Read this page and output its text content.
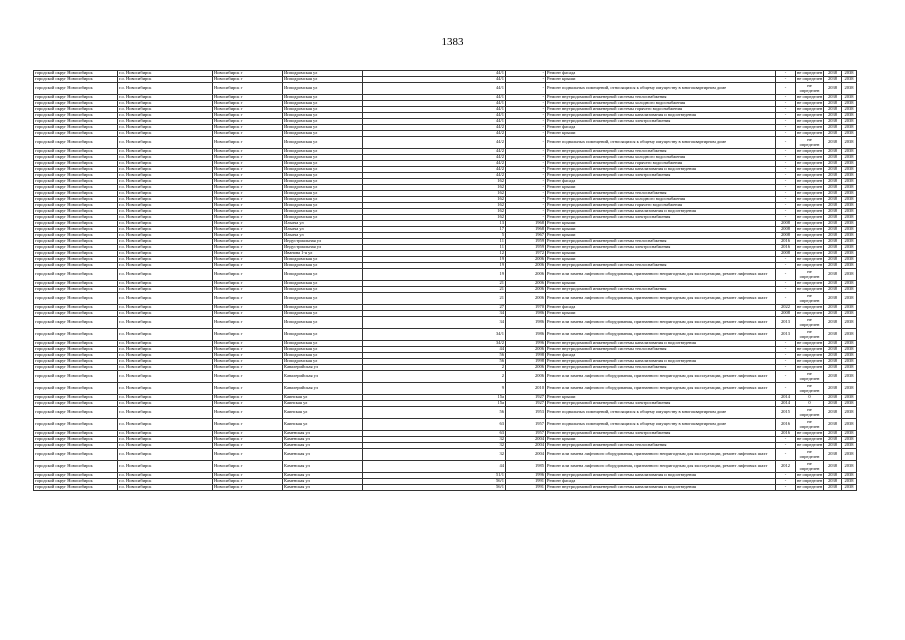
1383
городской округ Новосибирск	г.о. Новосибирск	Новосибирск г	Ипподромская ул	44/1	-	Ремонт фасада	-	не определен	2038	2038
городской округ Новосибирск	г.о. Новосибирск	Новосибирск г	Ипподромская ул	44/1	-	Ремонт крыши	-	не определен	2038	2038
городской округ Новосибирск	г.о. Новосибирск	Новосибирск г	Ипподромская ул	44/1	-	Ремонт подвальных помещений, относящихся к общему имуществу в многоквартирном доме	-	не определен	2038	2038
городской округ Новосибирск	г.о. Новосибирск	Новосибирск г	Ипподромская ул	44/1	-	Ремонт внутридомовой инженерной системы теплоснабжения	-	не определен	2038	2038
городской округ Новосибирск	г.о. Новосибирск	Новосибирск г	Ипподромская ул	44/1	-	Ремонт внутридомовой инженерной системы холодного водоснабжения	-	не определен	2038	2038
городской округ Новосибирск	г.о. Новосибирск	Новосибирск г	Ипподромская ул	44/1	-	Ремонт внутридомовой инженерной системы горячего водоснабжения	-	не определен	2038	2038
городской округ Новосибирск	г.о. Новосибирск	Новосибирск г	Ипподромская ул	44/1	-	Ремонт внутридомовой инженерной системы канализования и водоотведения	-	не определен	2038	2038
городской округ Новосибирск	г.о. Новосибирск	Новосибирск г	Ипподромская ул	44/1	-	Ремонт внутридомовой инженерной системы электроснабжения	-	не определен	2038	2038
городской округ Новосибирск	г.о. Новосибирск	Новосибирск г	Ипподромская ул	44/2	-	Ремонт фасада	-	не определен	2038	2038
городской округ Новосибирск	г.о. Новосибирск	Новосибирск г	Ипподромская ул	44/2	-	Ремонт крыши	-	не определен	2038	2038
городской округ Новосибирск	г.о. Новосибирск	Новосибирск г	Ипподромская ул	44/2	-	Ремонт подвальных помещений, относящихся к общему имуществу в многоквартирном доме	-	не определен	2038	2038
городской округ Новосибирск	г.о. Новосибирск	Новосибирск г	Ипподромская ул	44/2	-	Ремонт внутридомовой инженерной системы теплоснабжения	-	не определен	2038	2038
городской округ Новосибирск	г.о. Новосибирск	Новосибирск г	Ипподромская ул	44/2	-	Ремонт внутридомовой инженерной системы холодного водоснабжения	-	не определен	2038	2038
городской округ Новосибирск	г.о. Новосибирск	Новосибирск г	Ипподромская ул	44/2	-	Ремонт внутридомовой инженерной системы горячего водоснабжения	-	не определен	2038	2038
городской округ Новосибирск	г.о. Новосибирск	Новосибирск г	Ипподромская ул	44/2	-	Ремонт внутридомовой инженерной системы канализования и водоотведения	-	не определен	2038	2038
городской округ Новосибирск	г.о. Новосибирск	Новосибирск г	Ипподромская ул	44/2	-	Ремонт внутридомовой инженерной системы электроснабжения	-	не определен	2038	2038
городской округ Новосибирск	г.о. Новосибирск	Новосибирск г	Ипподромская ул	162	-	Ремонт фасада	-	не определен	2038	2038
городской округ Новосибирск	г.о. Новосибирск	Новосибирск г	Ипподромская ул	162	-	Ремонт крыши	-	не определен	2038	2038
городской округ Новосибирск	г.о. Новосибирск	Новосибирск г	Ипподромская ул	162	-	Ремонт внутридомовой инженерной системы теплоснабжения	-	не определен	2038	2038
городской округ Новосибирск	г.о. Новосибирск	Новосибирск г	Ипподромская ул	162	-	Ремонт внутридомовой инженерной системы холодного водоснабжения	-	не определен	2038	2038
городской округ Новосибирск	г.о. Новосибирск	Новосибирск г	Ипподромская ул	162	-	Ремонт внутридомовой инженерной системы горячего водоснабжения	-	не определен	2038	2038
городской округ Новосибирск	г.о. Новосибирск	Новосибирск г	Ипподромская ул	162	-	Ремонт внутридомовой инженерной системы канализования и водоотведения	-	не определен	2038	2038
городской округ Новосибирск	г.о. Новосибирск	Новосибирск г	Ипподромская ул	162	-	Ремонт внутридомовой инженерной системы электроснабжения	-	не определен	2038	2038
городской округ Новосибирск	г.о. Новосибирск	Новосибирск г	Ильича ул	13	1968	Ремонт крыши	2008	не определен	2038	2038
городской округ Новосибирск	г.о. Новосибирск	Новосибирск г	Ильича ул	17	1968	Ремонт крыши	2008	не определен	2038	2038
городской округ Новосибирск	г.о. Новосибирск	Новосибирск г	Ильича ул	5	1967	Ремонт крыши	2008	не определен	2038	2038
городской округ Новосибирск	г.о. Новосибирск	Новосибирск г	Индустриальная ул	11	1959	Ремонт внутридомовой инженерной системы теплоснабжения	2016	не определен	2038	2038
городской округ Новосибирск	г.о. Новосибирск	Новосибирск г	Индустриальная ул	11	1959	Ремонт внутридомовой инженерной системы электроснабжения	2016	не определен	2038	2038
городской округ Новосибирск	г.о. Новосибирск	Новосибирск г	Иванова 1-я ул	12	1972	Ремонт крыши	2008	не определен	2038	2038
городской округ Новосибирск	г.о. Новосибирск	Новосибирск г	Ипподромская ул	19	2006	Ремонт крыши	-	не определен	2038	2038
городской округ Новосибирск	г.о. Новосибирск	Новосибирск г	Ипподромская ул	19	2006	Ремонт внутридомовой инженерной системы теплоснабжения	-	не определен	2038	2038
городской округ Новосибирск	г.о. Новосибирск	Новосибирск г	Ипподромская ул	19	2006	Ремонт или замена лифтового оборудования, признанного непригодным для эксплуатации, ремонт лифтовых шахт	-	не определен	2038	2038
городской округ Новосибирск	г.о. Новосибирск	Новосибирск г	Ипподромская ул	21	2006	Ремонт крыши	-	не определен	2038	2038
городской округ Новосибирск	г.о. Новосибирск	Новосибирск г	Ипподромская ул	21	2006	Ремонт внутридомовой инженерной системы теплоснабжения	-	не определен	2038	2038
городской округ Новосибирск	г.о. Новосибирск	Новосибирск г	Ипподромская ул	21	2006	Ремонт или замена лифтового оборудования, признанного непригодным для эксплуатации, ремонт лифтовых шахт	-	не определен	2038	2038
городской округ Новосибирск	г.о. Новосибирск	Новосибирск г	Ипподромская ул	27	1970	Ремонт фасада	2022	не определен	2038	2038
городской округ Новосибирск	г.о. Новосибирск	Новосибирск г	Ипподромская ул	34	1986	Ремонт крыши	2008	не определен	2038	2038
городской округ Новосибирск	г.о. Новосибирск	Новосибирск г	Ипподромская ул	34	1986	Ремонт или замена лифтового оборудования, признанного непригодным для эксплуатации, ремонт лифтовых шахт	2013	не определен	2038	2038
городской округ Новосибирск	г.о. Новосибирск	Новосибирск г	Ипподромская ул	34/1	1986	Ремонт или замена лифтового оборудования, признанного непригодным для эксплуатации, ремонт лифтовых шахт	2013	не определен	2038	2038
городской округ Новосибирск	г.о. Новосибирск	Новосибирск г	Ипподромская ул	34/2	1996	Ремонт внутридомовой инженерной системы канализования и водоотведения	-	не определен	2038	2038
городской округ Новосибирск	г.о. Новосибирск	Новосибирск г	Ипподромская ул	44	2006	Ремонт внутридомовой инженерной системы теплоснабжения	-	не определен	2038	2038
городской округ Новосибирск	г.о. Новосибирск	Новосибирск г	Ипподромская ул	56	1998	Ремонт фасада	-	не определен	2038	2038
городской округ Новосибирск	г.о. Новосибирск	Новосибирск г	Ипподромская ул	56	1998	Ремонт внутридомовой инженерной системы канализования и водоотведения	-	не определен	2038	2038
городской округ Новосибирск	г.о. Новосибирск	Новосибирск г	Кавалерийская ул	2	2006	Ремонт внутридомовой инженерной системы теплоснабжения	-	не определен	2038	2038
городской округ Новосибирск	г.о. Новосибирск	Новосибирск г	Кавалерийская ул	2	2006	Ремонт или замена лифтового оборудования, признанного непригодным для эксплуатации, ремонт лифтовых шахт	-	не определен	2038	2038
городской округ Новосибирск	г.о. Новосибирск	Новосибирск г	Кавалерийская ул	9	2010	Ремонт или замена лифтового оборудования, признанного непригодным для эксплуатации, ремонт лифтовых шахт	-	не определен	2038	2038
городской округ Новосибирск	г.о. Новосибирск	Новосибирск г	Каинская ул	15а	1927	Ремонт крыши	2014	0	2038	2038
городской округ Новосибирск	г.о. Новосибирск	Новосибирск г	Каинская ул	15а	1927	Ремонт внутридомовой инженерной системы электроснабжения	2014	0	2038	2038
городской округ Новосибирск	г.о. Новосибирск	Новосибирск г	Каинская ул	56	1953	Ремонт подвальных помещений, относящихся к общему имуществу в многоквартирном доме	2015	не определен	2038	2038
городской округ Новосибирск	г.о. Новосибирск	Новосибирск г	Каинская ул	63	1957	Ремонт подвальных помещений, относящихся к общему имуществу в многоквартирном доме	2016	не определен	2038	2038
городской округ Новосибирск	г.о. Новосибирск	Новосибирск г	Каменская ул	63	1957	Ремонт внутридомовой инженерной системы электроснабжения	2016	не определен	2038	2038
городской округ Новосибирск	г.о. Новосибирск	Новосибирск г	Каменская ул	32	2004	Ремонт крыши	-	не определен	2038	2038
городской округ Новосибирск	г.о. Новосибирск	Новосибирск г	Каменская ул	32	2004	Ремонт внутридомовой инженерной системы теплоснабжения	-	не определен	2038	2038
городской округ Новосибирск	г.о. Новосибирск	Новосибирск г	Каменская ул	32	2004	Ремонт или замена лифтового оборудования, признанного непригодным для эксплуатации, ремонт лифтовых шахт	-	не определен	2038	2038
городской округ Новосибирск	г.о. Новосибирск	Новосибирск г	Каменская ул	44	1985	Ремонт или замена лифтового оборудования, признанного непригодным для эксплуатации, ремонт лифтовых шахт	2012	не определен	2038	2038
городской округ Новосибирск	г.о. Новосибирск	Новосибирск г	Каменская ул	51/1	1996	Ремонт внутридомовой инженерной системы канализования и водоотведения	-	не определен	2038	2038
городской округ Новосибирск	г.о. Новосибирск	Новосибирск г	Каменская ул	56/1	1991	Ремонт фасада	-	не определен	2038	2038
городской округ Новосибирск	г.о. Новосибирск	Новосибирск г	Каменская ул	56/1	1991	Ремонт внутридомовой инженерной системы канализования и водоотведения	-	не определен	2038	2038
